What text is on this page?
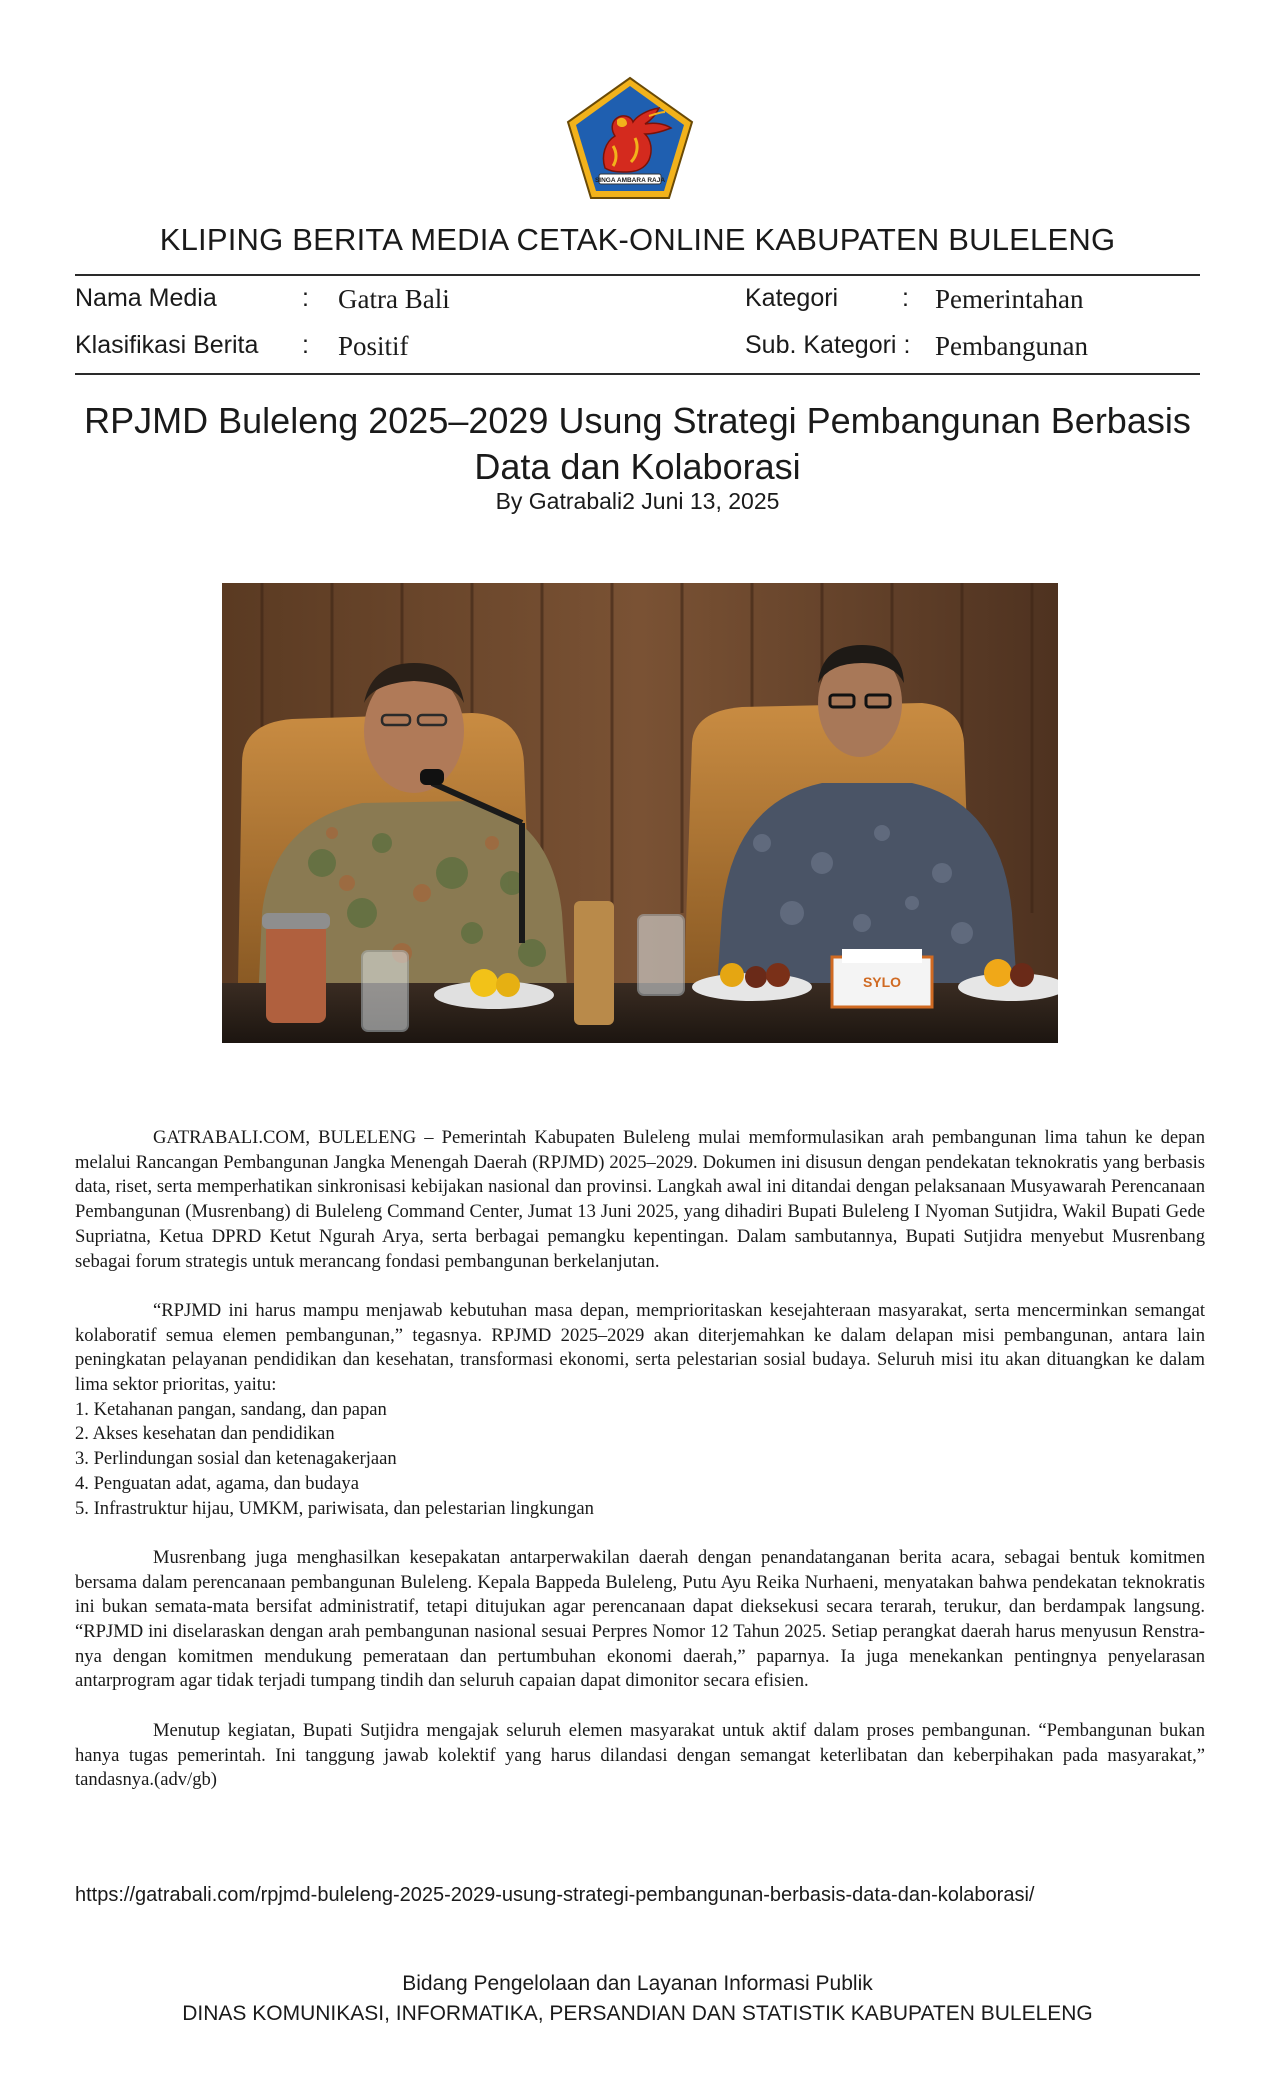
SINGA AMBARA RAJA
KLIPING BERITA MEDIA CETAK-ONLINE KABUPATEN BULELENG
Nama Media	: Gatra Bali	Kategori	: Pemerintahan
Klasifikasi Berita : Positif	Sub. Kategori : Pembangunan
RPJMD Buleleng 2025–2029 Usung Strategi Pembangunan Berbasis
Data dan Kolaborasi
By Gatrabali2 Juni 13, 2025
SYLO

GATRABALI.COM, BULELENG – Pemerintah Kabupaten Buleleng mulai memformulasikan arah pembangunan lima tahun ke depan melalui Rancangan Pembangunan Jangka Menengah Daerah (RPJMD) 2025–2029. Dokumen ini disusun dengan pendekatan teknokratis yang berbasis data, riset, serta memperhatikan sinkronisasi kebijakan nasional dan provinsi. Langkah awal ini ditandai dengan pelaksanaan Musyawarah Perencanaan Pembangunan (Musrenbang) di Buleleng Command Center, Jumat 13 Juni 2025, yang dihadiri Bupati Buleleng I Nyoman Sutjidra, Wakil Bupati Gede Supriatna, Ketua DPRD Ketut Ngurah Arya, serta berbagai pemangku kepentingan. Dalam sambutannya, Bupati Sutjidra menyebut Musrenbang sebagai forum strategis untuk merancang fondasi pembangunan berkelanjutan.

“RPJMD ini harus mampu menjawab kebutuhan masa depan, memprioritaskan kesejahteraan masyarakat, serta mencerminkan semangat kolaboratif semua elemen pembangunan,” tegasnya. RPJMD 2025–2029 akan diterjemahkan ke dalam delapan misi pembangunan, antara lain peningkatan pelayanan pendidikan dan kesehatan, transformasi ekonomi, serta pelestarian sosial budaya. Seluruh misi itu akan dituangkan ke dalam lima sektor prioritas, yaitu:

1. Ketahanan pangan, sandang, dan papan
2. Akses kesehatan dan pendidikan
3. Perlindungan sosial dan ketenagakerjaan
4. Penguatan adat, agama, dan budaya
5. Infrastruktur hijau, UMKM, pariwisata, dan pelestarian lingkungan

Musrenbang juga menghasilkan kesepakatan antarperwakilan daerah dengan penandatanganan berita acara, sebagai bentuk komitmen bersama dalam perencanaan pembangunan Buleleng. Kepala Bappeda Buleleng, Putu Ayu Reika Nurhaeni, menyatakan bahwa pendekatan teknokratis ini bukan semata-mata bersifat administratif, tetapi ditujukan agar perencanaan dapat dieksekusi secara terarah, terukur, dan berdampak langsung. “RPJMD ini diselaraskan dengan arah pembangunan nasional sesuai Perpres Nomor 12 Tahun 2025. Setiap perangkat daerah harus menyusun Renstra-nya dengan komitmen mendukung pemerataan dan pertumbuhan ekonomi daerah,” paparnya. Ia juga menekankan pentingnya penyelarasan antarprogram agar tidak terjadi tumpang tindih dan seluruh capaian dapat dimonitor secara efisien.

Menutup kegiatan, Bupati Sutjidra mengajak seluruh elemen masyarakat untuk aktif dalam proses pembangunan. “Pembangunan bukan hanya tugas pemerintah. Ini tanggung jawab kolektif yang harus dilandasi dengan semangat keterlibatan dan keberpihakan pada masyarakat,” tandasnya.(adv/gb)

https://gatrabali.com/rpjmd-buleleng-2025-2029-usung-strategi-pembangunan-berbasis-data-dan-kolaborasi/
Bidang Pengelolaan dan Layanan Informasi Publik
DINAS KOMUNIKASI, INFORMATIKA, PERSANDIAN DAN STATISTIK KABUPATEN BULELENG
